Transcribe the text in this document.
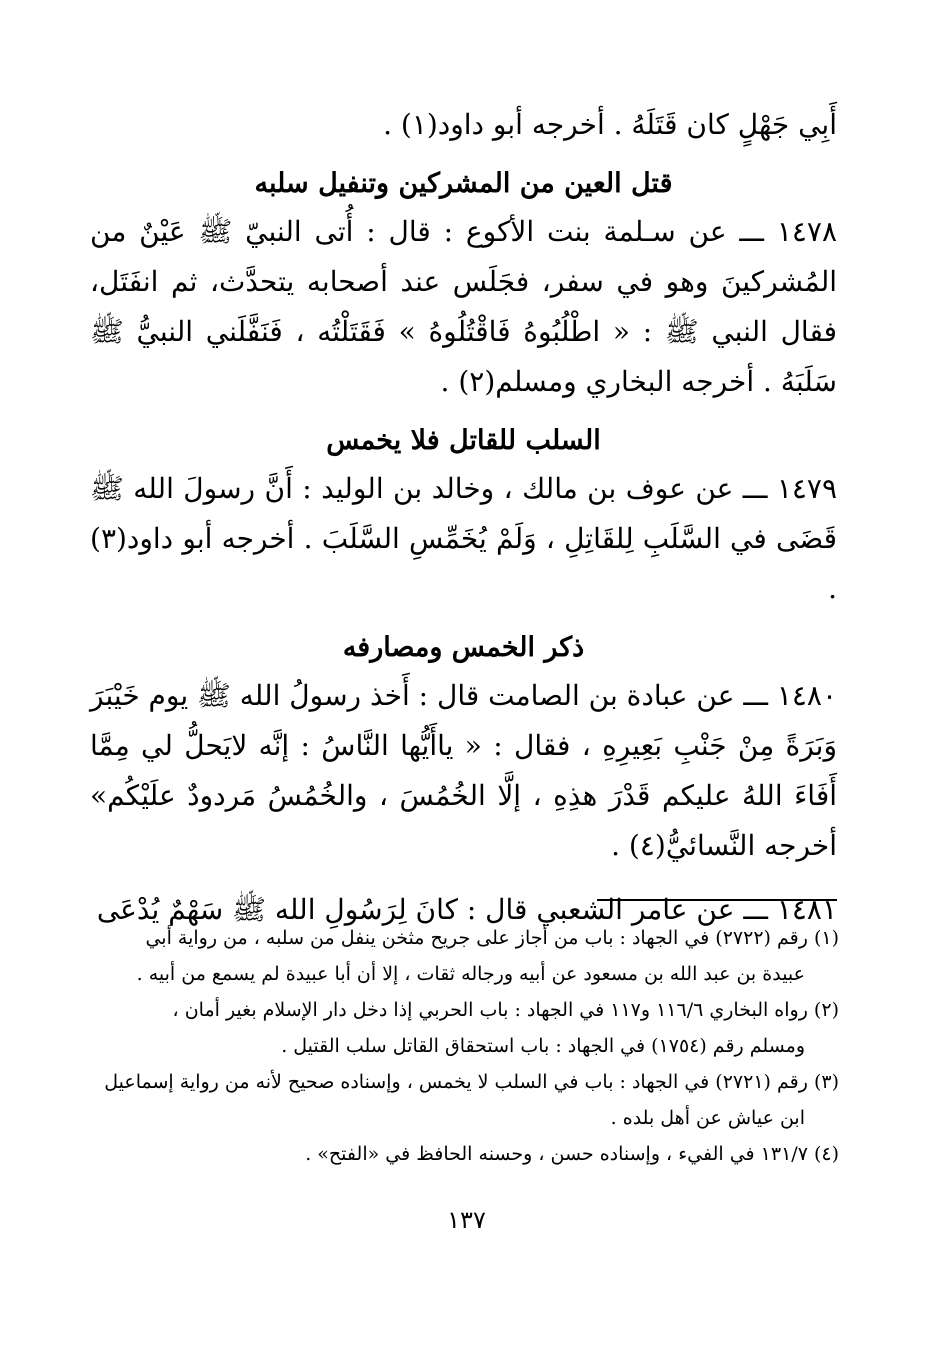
أَبِي جَهْلٍ كان قَتَلَهُ . أخرجه أبو داود(١) .

قتل العين من المشركين وتنفيل سلبه

١٤٧٨ ـــ عن سـلمة بنت الأكوع : قال : أُتى النبيّ ﷺ عَيْنٌ من المُشركينَ وهو في سفر، فجَلَس عند أصحابه يتحدَّث، ثم انفَتَل، فقال النبي ﷺ : « اطْلُبُوهُ فَاقْتُلُوهُ » فَقَتَلْتُه ، فَنَفَّلَني النبيُّ ﷺ سَلَبَهُ . أخرجه البخاري ومسلم(٢) .

السلب للقاتل فلا يخمس

١٤٧٩ ـــ عن عوف بن مالك ، وخالد بن الوليد : أَنَّ رسولَ الله ﷺ قَضَى في السَّلَبِ لِلقَاتِلِ ، وَلَمْ يُخَمِّسِ السَّلَبَ . أخرجه أبو داود(٣) .

ذكر الخمس ومصارفه

١٤٨٠ ـــ عن عبادة بن الصامت قال : أَخذ رسولُ الله ﷺ يوم خَيْبَرَ وَبَرَةً مِنْ جَنْبِ بَعِيرِهِ ، فقال : « ياأَيُّها النَّاسُ : إنَّه لايَحلُّ لي مِمَّا أَفَاءَ اللهُ عليكم قَدْرَ هذِهِ ، إلَّا الخُمُسَ ، والخُمُسُ مَردودٌ علَيْكُم» أخرجه النَّسائيُّ(٤) .

١٤٨١ ـــ عن عامر الشعبي قال : كانَ لِرَسُولِ الله ﷺ سَهْمٌ يُدْعَى

(١) رقم (٢٧٢٢) في الجهاد : باب من أجاز على جريح مثخن ينفل من سلبه ، من رواية أبي

عبيدة بن عبد الله بن مسعود عن أبيه ورجاله ثقات ، إلا أن أبا عبيدة لم يسمع من أبيه .

(٢) رواه البخاري ١١٦/٦ و١١٧ في الجهاد : باب الحربي إذا دخل دار الإسلام بغير أمان ،

ومسلم رقم (١٧٥٤) في الجهاد : باب استحقاق القاتل سلب القتيل .

(٣) رقم (٢٧٢١) في الجهاد : باب في السلب لا يخمس ، وإسناده صحيح لأنه من رواية إسماعيل

ابن عياش عن أهل بلده .

(٤) ١٣١/٧ في الفيء ، وإسناده حسن ، وحسنه الحافظ في «الفتح» .

١٣٧
